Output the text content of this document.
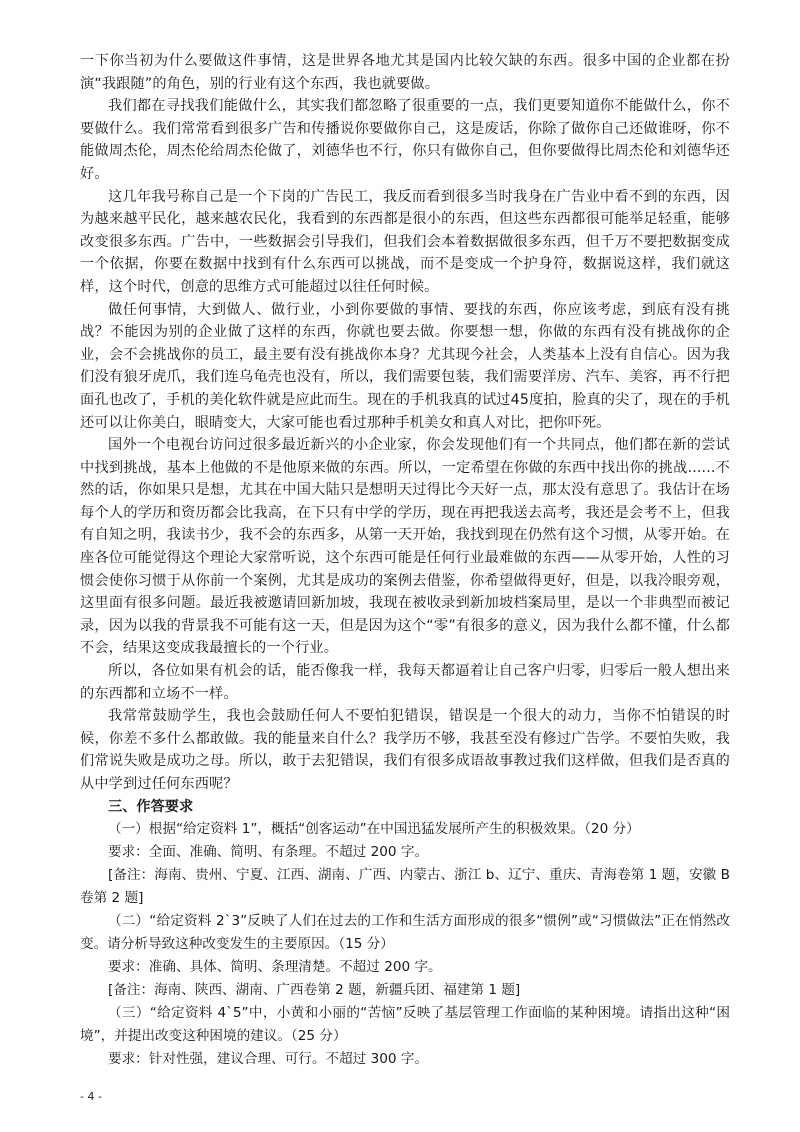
一下你当初为什么要做这件事情，这是世界各地尤其是国内比较欠缺的东西。很多中国的企业都在扮演“我跟随”的角色，别的行业有这个东西，我也就要做。

我们都在寻找我们能做什么，其实我们都忽略了很重要的一点，我们更要知道你不能做什么，你不要做什么。我们常常看到很多广告和传播说你要做你自己，这是废话，你除了做你自己还做谁呀，你不能做周杰伦，周杰伦给周杰伦做了，刘德华也不行，你只有做你自己，但你要做得比周杰伦和刘德华还好。

这几年我号称自己是一个下岗的广告民工，我反而看到很多当时我身在广告业中看不到的东西，因为越来越平民化，越来越农民化，我看到的东西都是很小的东西，但这些东西都很可能举足轻重，能够改变很多东西。广告中，一些数据会引导我们，但我们会本着数据做很多东西，但千万不要把数据变成一个依据，你要在数据中找到有什么东西可以挑战，而不是变成一个护身符，数据说这样，我们就这样，这个时代，创意的思维方式可能超过以往任何时候。

做任何事情，大到做人、做行业，小到你要做的事情、要找的东西，你应该考虑，到底有没有挑战？不能因为别的企业做了这样的东西，你就也要去做。你要想一想，你做的东西有没有挑战你的企业，会不会挑战你的员工，最主要有没有挑战你本身？尤其现今社会，人类基本上没有自信心。因为我们没有狼牙虎爪，我们连乌龟壳也没有，所以，我们需要包装，我们需要洋房、汽车、美容，再不行把面孔也改了，手机的美化软件就是应此而生。现在的手机我真的试过45度拍，脸真的尖了，现在的手机还可以让你美白，眼睛变大，大家可能也看过那种手机美女和真人对比，把你吓死。

国外一个电视台访问过很多最近新兴的小企业家，你会发现他们有一个共同点，他们都在新的尝试中找到挑战，基本上他做的不是他原来做的东西。所以，一定希望在你做的东西中找出你的挑战......不然的话，你如果只是想，尤其在中国大陆只是想明天过得比今天好一点，那太没有意思了。我估计在场每个人的学历和资历都会比我高，在下只有中学的学历，现在再把我送去高考，我还是会考不上，但我有自知之明，我读书少，我不会的东西多，从第一天开始，我找到现在仍然有这个习惯，从零开始。在座各位可能觉得这个理论大家常听说，这个东西可能是任何行业最难做的东西——从零开始，人性的习惯会使你习惯于从你前一个案例，尤其是成功的案例去借鉴，你希望做得更好，但是，以我冷眼旁观，这里面有很多问题。最近我被邀请回新加坡，我现在被收录到新加坡档案局里，是以一个非典型而被记录，因为以我的背景我不可能有这一天，但是因为这个“零”有很多的意义，因为我什么都不懂，什么都不会，结果这变成我最擅长的一个行业。

所以，各位如果有机会的话，能否像我一样，我每天都逼着让自己客户归零，归零后一般人想出来的东西都和立场不一样。

我常常鼓励学生，我也会鼓励任何人不要怕犯错误，错误是一个很大的动力，当你不怕错误的时候，你差不多什么都敢做。我的能量来自什么？我学历不够，我甚至没有修过广告学。不要怕失败，我们常说失败是成功之母。所以，敢于去犯错误，我们有很多成语故事教过我们这样做，但我们是否真的从中学到过任何东西呢？

三、作答要求

（一）根据“给定资料 1”，概括“创客运动”在中国迅猛发展所产生的积极效果。（20 分）

要求：全面、准确、简明、有条理。不超过 200 字。

[备注：海南、贵州、宁夏、江西、湖南、广西、内蒙古、浙江 b、辽宁、重庆、青海卷第 1 题，安徽 B 卷第 2 题]

（二）“给定资料 2`3”反映了人们在过去的工作和生活方面形成的很多“惯例”或“习惯做法”正在悄然改变。请分析导致这种改变发生的主要原因。（15 分）

要求：准确、具体、简明、条理清楚。不超过 200 字。

[备注：海南、陕西、湖南、广西卷第 2 题，新疆兵团、福建第 1 题]

（三）“给定资料 4`5”中，小黄和小丽的“苦恼”反映了基层管理工作面临的某种困境。请指出这种“困境”，并提出改变这种困境的建议。（25 分）

要求：针对性强，建议合理、可行。不超过 300 字。

- 4 -
